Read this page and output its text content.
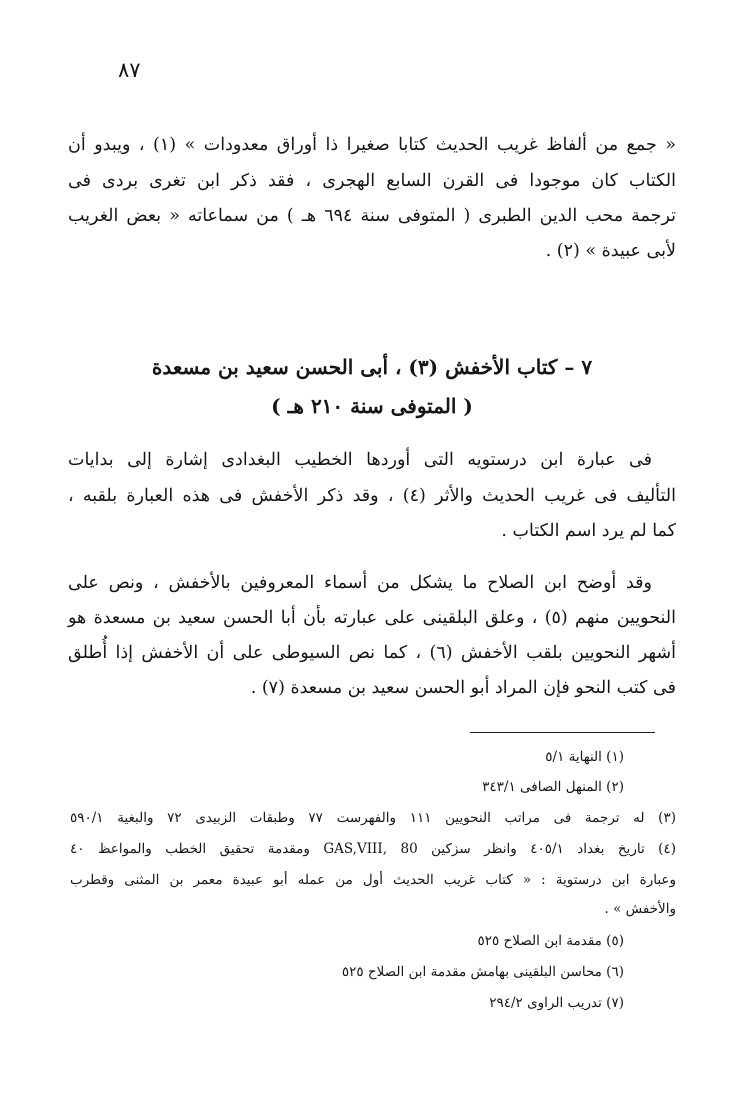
٨٧
« جمع من ألفاظ غريب الحديث كتابا صغيرا ذا أوراق معدودات » (١) ، ويبدو أن
الكتاب كان موجودا فى القرن السابع الهجرى ، فقد ذكر ابن تغرى بردى فى
ترجمة محب الدين الطبرى ( المتوفى سنة ٦٩٤ هـ ) من سماعاته « بعض الغريب
لأبى عبيدة » (٢) .
٧ – كتاب الأخفش (٣) ، أبى الحسن سعيد بن مسعدة
( المتوفى سنة ٢١٠ هـ )
فى عبارة ابن درستويه التى أوردها الخطيب البغدادى إشارة إلى بدايات
التأليف فى غريب الحديث والأثر (٤) ، وقد ذكر الأخفش فى هذه العبارة بلقبه ،
كما لم يرد اسم الكتاب .
وقد أوضح ابن الصلاح ما يشكل من أسماء المعروفين بالأخفش ، ونص على
النحويين منهم (٥) ، وعلق البلقينى على عبارته بأن أبا الحسن سعيد بن مسعدة هو
أشهر النحويين بلقب الأخفش (٦) ، كما نص السيوطى على أن الأخفش إذا أُطلق
فى كتب النحو فإن المراد أبو الحسن سعيد بن مسعدة (٧) .
(١) النهاية ٥/١
(٢) المنهل الصافى ٣٤٣/١
(٣) له ترجمة فى مراتب النحويين ١١١ والفهرست ٧٧ وطبقات الزبيدى ٧٢ والبغية ٥٩٠/١
(٤) تاريخ بغداد ٤٠٥/١ وانظر سزكين GAS,VIII, 80 ومقدمة تحقيق الخطب والمواعظ ٤٠
وعبارة ابن درستوية : « كتاب غريب الحديث أول من عمله أبو عبيدة معمر بن المثنى وقطرب
والأخفش » .
(٥) مقدمة ابن الصلاح ٥٢٥
(٦) محاسن البلقينى بهامش مقدمة ابن الصلاح ٥٢٥
(٧) تدريب الراوى ٢٩٤/٢
